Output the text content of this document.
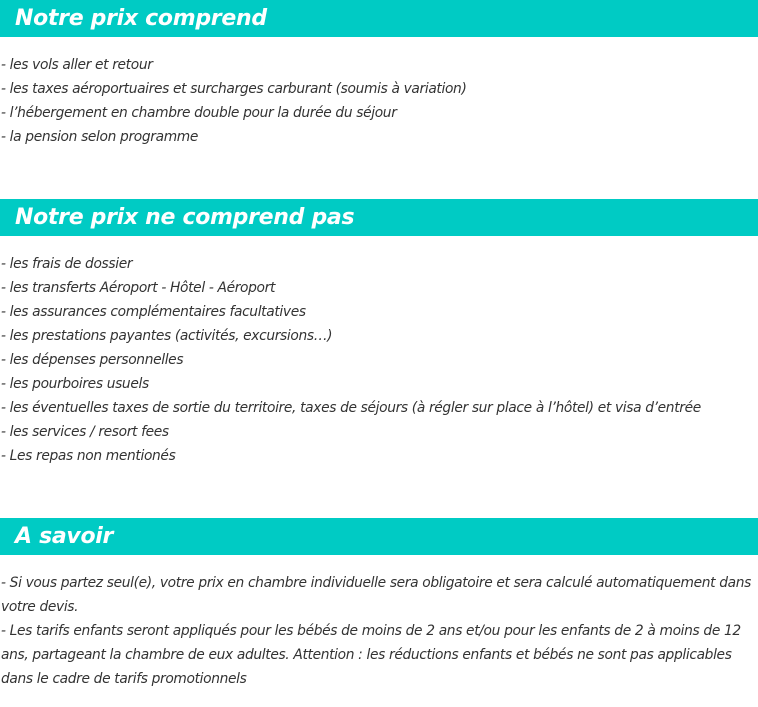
Notre prix comprend
- les vols aller et retour
- les taxes aéroportuaires et surcharges carburant (soumis à variation)
- l’hébergement en chambre double pour la durée du séjour
- la pension selon programme
Notre prix ne comprend pas
- les frais de dossier
- les transferts Aéroport - Hôtel - Aéroport
- les assurances complémentaires facultatives
- les prestations payantes (activités, excursions…)
- les dépenses personnelles
- les pourboires usuels
- les éventuelles taxes de sortie du territoire, taxes de séjours (à régler sur place à l’hôtel) et visa d’entrée
- les services / resort fees
- Les repas non mentionés
A savoir
- Si vous partez seul(e), votre prix en chambre individuelle sera obligatoire et sera calculé automatiquement dans votre devis.
- Les tarifs enfants seront appliqués pour les bébés de moins de 2 ans et/ou pour les enfants de 2 à moins de 12 ans, partageant la chambre de eux adultes. Attention : les réductions enfants et bébés ne sont pas applicables dans le cadre de tarifs promotionnels
